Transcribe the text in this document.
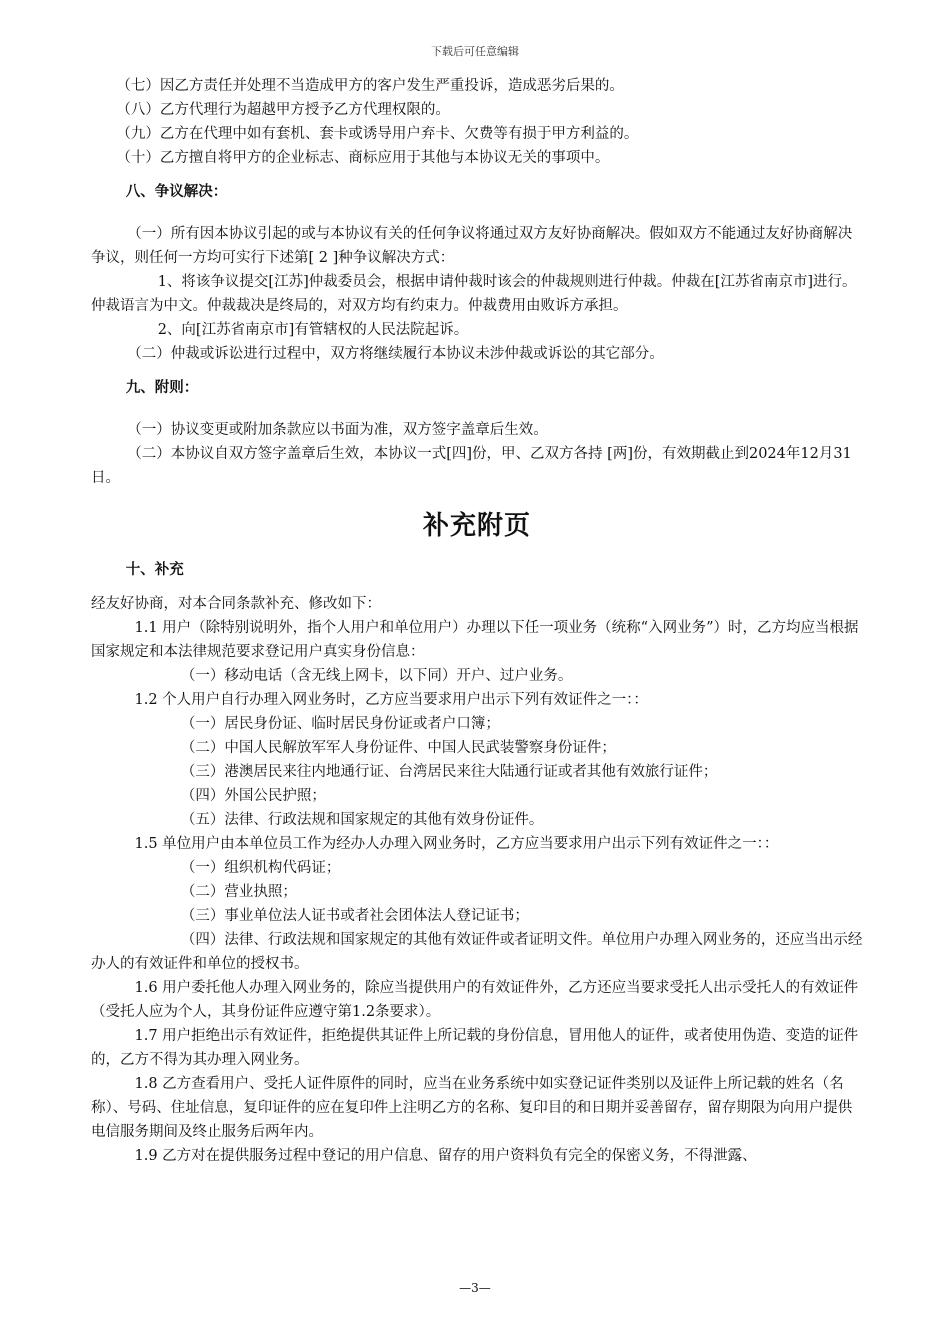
下载后可任意编辑

（七）因乙方责任并处理不当造成甲方的客户发生严重投诉，造成恶劣后果的。

（八）乙方代理行为超越甲方授予乙方代理权限的。

（九）乙方在代理中如有套机、套卡或诱导用户弃卡、欠费等有损于甲方利益的。

（十）乙方擅自将甲方的企业标志、商标应用于其他与本协议无关的事项中。

八、争议解决：

（一）所有因本协议引起的或与本协议有关的任何争议将通过双方友好协商解决。假如双方不能通过友好协商解决争议，则任何一方均可实行下述第[ 2 ]种争议解决方式：

1、将该争议提交[江苏]仲裁委员会，根据申请仲裁时该会的仲裁规则进行仲裁。仲裁在[江苏省南京市]进行。仲裁语言为中文。仲裁裁决是终局的，对双方均有约束力。仲裁费用由败诉方承担。

2、向[江苏省南京市]有管辖权的人民法院起诉。

（二）仲裁或诉讼进行过程中，双方将继续履行本协议未涉仲裁或诉讼的其它部分。

九、附则：

（一）协议变更或附加条款应以书面为准，双方签字盖章后生效。

（二）本协议自双方签字盖章后生效，本协议一式[四]份，甲、乙双方各持 [两]份，有效期截止到2024年12月31日。

补充附页

十、补充

经友好协商，对本合同条款补充、修改如下：

1.1 用户（除特别说明外，指个人用户和单位用户）办理以下任一项业务（统称“入网业务”）时，乙方均应当根据国家规定和本法律规范要求登记用户真实身份信息：

（一）移动电话（含无线上网卡，以下同）开户、过户业务。

1.2 个人用户自行办理入网业务时，乙方应当要求用户出示下列有效证件之一：：

（一）居民身份证、临时居民身份证或者户口簿；

（二）中国人民解放军军人身份证件、中国人民武装警察身份证件；

（三）港澳居民来往内地通行证、台湾居民来往大陆通行证或者其他有效旅行证件；

（四）外国公民护照；

（五）法律、行政法规和国家规定的其他有效身份证件。

1.5 单位用户由本单位员工作为经办人办理入网业务时，乙方应当要求用户出示下列有效证件之一：：

（一）组织机构代码证；

（二）营业执照；

（三）事业单位法人证书或者社会团体法人登记证书；

（四）法律、行政法规和国家规定的其他有效证件或者证明文件。单位用户办理入网业务的，还应当出示经办人的有效证件和单位的授权书。

1.6 用户委托他人办理入网业务的，除应当提供用户的有效证件外，乙方还应当要求受托人出示受托人的有效证件（受托人应为个人，其身份证件应遵守第1.2条要求）。

1.7 用户拒绝出示有效证件，拒绝提供其证件上所记载的身份信息，冒用他人的证件，或者使用伪造、变造的证件的，乙方不得为其办理入网业务。

1.8 乙方查看用户、受托人证件原件的同时，应当在业务系统中如实登记证件类别以及证件上所记载的姓名（名称）、号码、住址信息，复印证件的应在复印件上注明乙方的名称、复印目的和日期并妥善留存，留存期限为向用户提供电信服务期间及终止服务后两年内。

1.9 乙方对在提供服务过程中登记的用户信息、留存的用户资料负有完全的保密义务，不得泄露、

—3—
